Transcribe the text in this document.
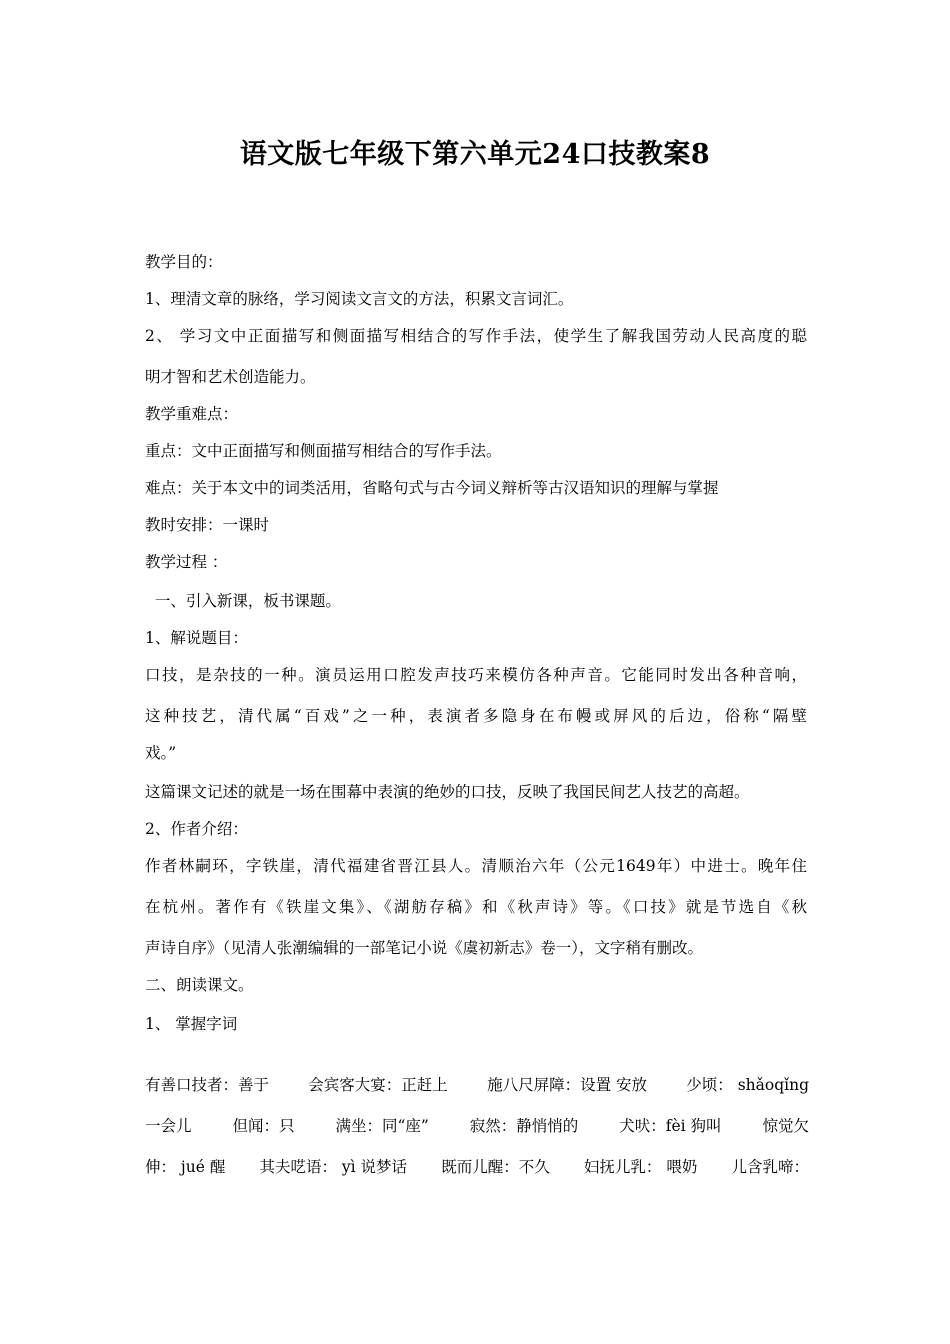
语文版七年级下第六单元24口技教案8
教学目的：
1、理清文章的脉络，学习阅读文言文的方法，积累文言词汇。
2、 学习文中正面描写和侧面描写相结合的写作手法，使学生了解我国劳动人民高度的聪
明才智和艺术创造能力。
教学重难点：
重点：文中正面描写和侧面描写相结合的写作手法。
难点：关于本文中的词类活用，省略句式与古今词义辩析等古汉语知识的理解与掌握
教时安排：一课时
教学过程 ：
一、引入新课，板书课题。
1、解说题目：
口技，是杂技的一种。演员运用口腔发声技巧来模仿各种声音。它能同时发出各种音响，
这种技艺，清代属“百戏”之一种，表演者多隐身在布幔或屏风的后边，俗称“隔壁
戏。”
这篇课文记述的就是一场在围幕中表演的绝妙的口技，反映了我国民间艺人技艺的高超。
2、作者介绍：
作者林嗣环，字铁崖，清代福建省晋江县人。清顺治六年（公元1649年）中进士。晚年住
在杭州。著作有《铁崖文集》、《湖舫存稿》和《秋声诗》等。《口技》就是节选自《秋
声诗自序》（见清人张潮编辑的一部笔记小说《虞初新志》卷一），文字稍有删改。
二、朗读课文。
1、 掌握字词
有善口技者：善于	会宾客大宴：正赶上	施八尺屏障：设置 安放	少顷： shǎoqǐng
一会儿	但闻：只	满坐：同“座”	寂然：静悄悄的	犬吠：fèi 狗叫	惊觉欠
伸： jué 醒 其夫呓语： yì 说梦话 既而儿醒：不久 妇抚儿乳： 喂奶 儿含乳啼：
